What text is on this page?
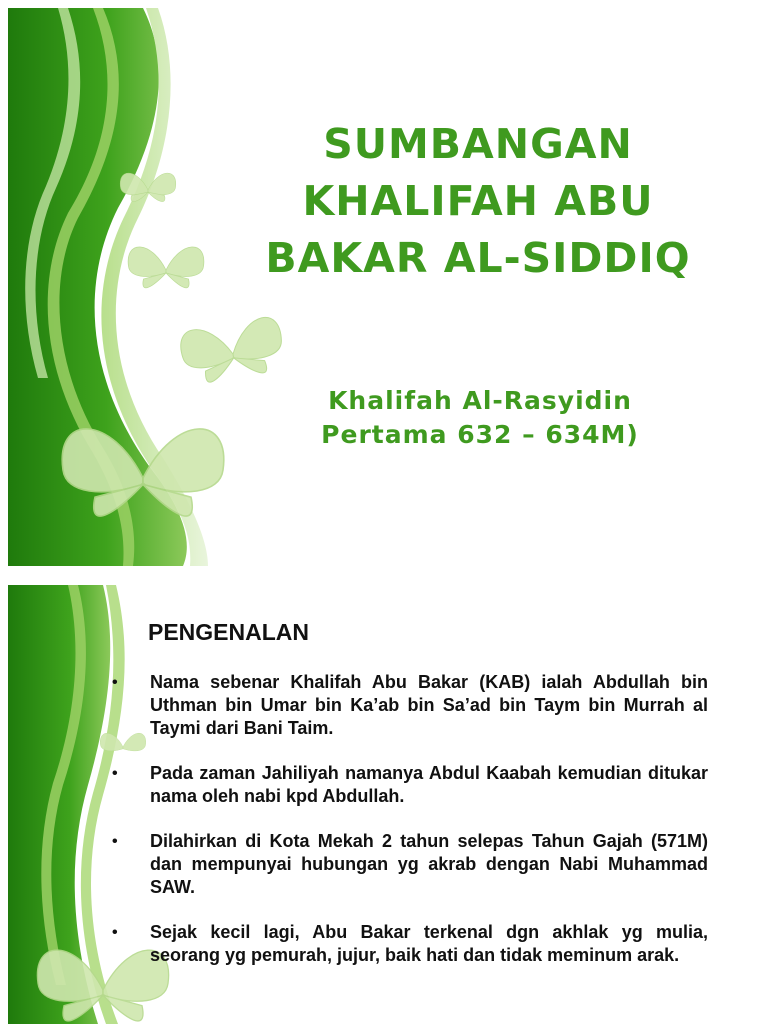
SUMBANGAN KHALIFAH ABU BAKAR AL-SIDDIQ
Khalifah Al-Rasyidin Pertama 632 – 634M)
PENGENALAN
• Nama sebenar Khalifah Abu Bakar (KAB) ialah Abdullah bin Uthman bin Umar bin Ka’ab bin Sa’ad bin Taym bin Murrah al Taymi dari Bani Taim.
• Pada zaman Jahiliyah namanya Abdul Kaabah kemudian ditukar nama oleh nabi kpd Abdullah.
• Dilahirkan di Kota Mekah 2 tahun selepas Tahun Gajah (571M) dan mempunyai hubungan yg akrab dengan Nabi Muhammad SAW.
• Sejak kecil lagi, Abu Bakar terkenal dgn akhlak yg mulia, seorang yg pemurah, jujur, baik hati dan tidak meminum arak.
